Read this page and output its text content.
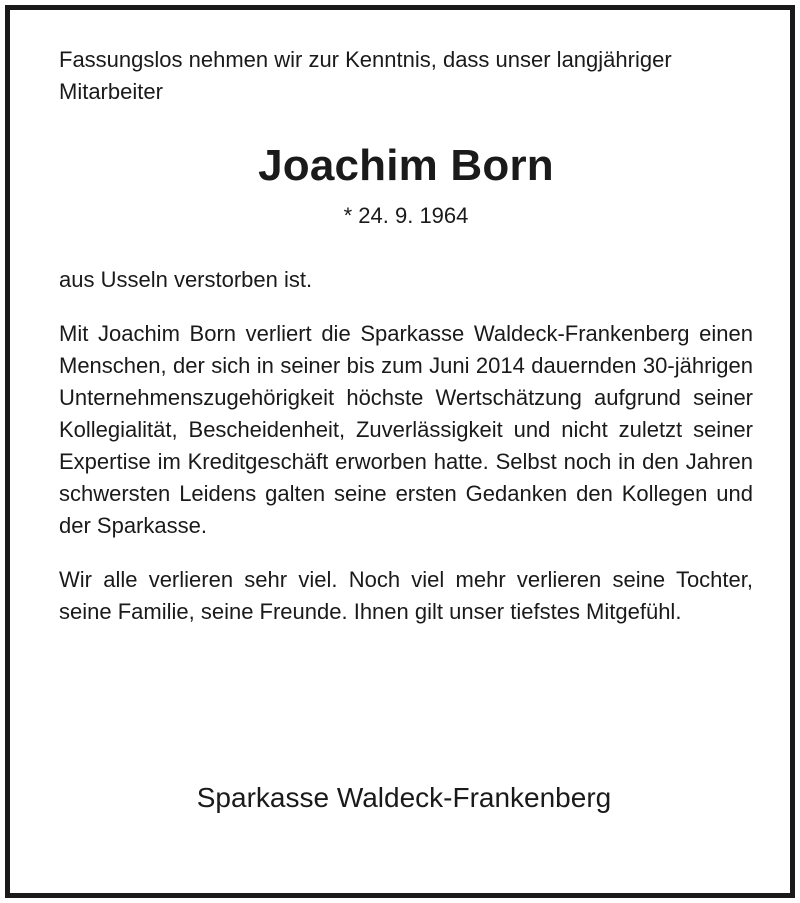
Fassungslos nehmen wir zur Kenntnis, dass unser langjähriger Mitarbeiter

Joachim Born

* 24. 9. 1964

aus Usseln verstorben ist.

Mit Joachim Born verliert die Sparkasse Waldeck-Frankenberg einen Menschen, der sich in seiner bis zum Juni 2014 dauernden 30-jährigen Unternehmenszugehörigkeit höchste Wertschätzung aufgrund seiner Kollegialität, Bescheidenheit, Zuverlässigkeit und nicht zuletzt seiner Expertise im Kreditgeschäft erworben hatte. Selbst noch in den Jahren schwersten Leidens galten seine ersten Gedanken den Kollegen und der Sparkasse.

Wir alle verlieren sehr viel. Noch viel mehr verlieren seine Tochter, seine Familie, seine Freunde. Ihnen gilt unser tiefstes Mitgefühl.

Sparkasse Waldeck-Frankenberg
